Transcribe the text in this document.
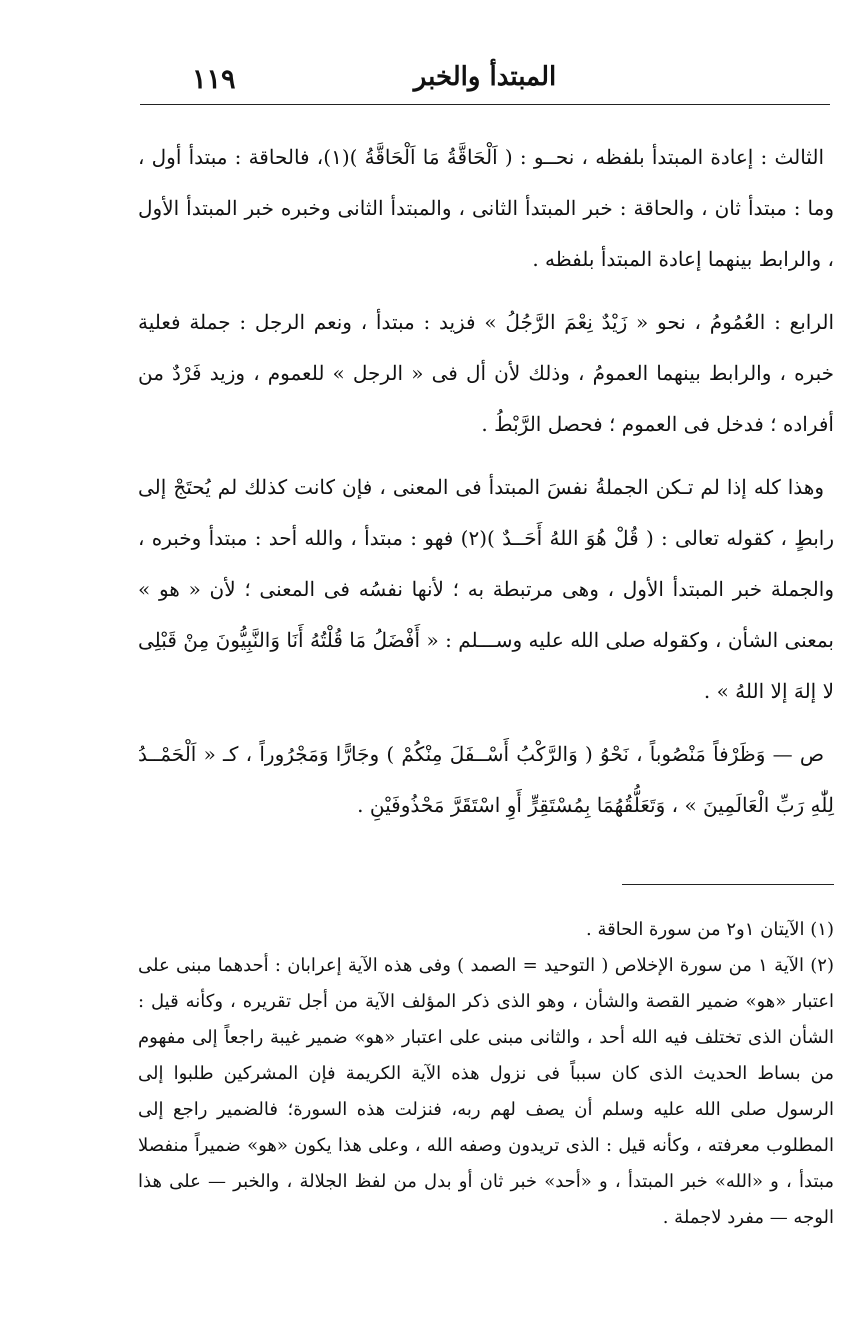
١١٩	المبتدأ والخبر

الثالث : إعادة المبتدأ بلفظه ، نحــو : ( اَلْحَاقَّةُ مَا اَلْحَاقَّةُ )(١)، فالحاقة : مبتدأ أول ، وما : مبتدأ ثان ، والحاقة : خبر المبتدأ الثانى ، والمبتدأ الثانى وخبره خبر المبتدأ الأول ، والرابط بينهما إعادة المبتدأ بلفظه .

الرابع : العُمُومُ ، نحو « زَيْدٌ نِعْمَ الرَّجُلُ » فزيد : مبتدأ ، ونعم الرجل : جملة فعلية خبره ، والرابط بينهما العمومُ ، وذلك لأن أل فى « الرجل » للعموم ، وزيد فَرْدٌ من أفراده ؛ فدخل فى العموم ؛ فحصل الرَّبْطُ .

وهذا كله إذا لم تـكن الجملةُ نفسَ المبتدأ فى المعنى ، فإن كانت كذلك لم يُحتَجْ إلى رابطٍ ، كقوله تعالى : ( قُلْ هُوَ اللهُ أَحَــدٌ )(٢) فهو : مبتدأ ، والله أحد : مبتدأ وخبره ، والجملة خبر المبتدأ الأول ، وهى مرتبطة به ؛ لأنها نفسُه فى المعنى ؛ لأن « هو » بمعنى الشأن ، وكقوله صلى الله عليه وســـلم : « أَفْضَلُ مَا قُلْتُهُ أَنَا وَالنَّبِيُّونَ مِنْ قَبْلِى لا إلهَ إلا اللهُ » .

ص — وَظَرْفاً مَنْصُوباً ، نَحْوُ ( وَالرَّكْبُ أَسْــفَلَ مِنْكُمْ ) وجَارًّا وَمَجْرُوراً ، كـ « اَلْحَمْــدُ لِلّٰهِ رَبِّ الْعَالَمِينَ » ، وَتَعَلُّقُهُمَا بِمُسْتَقِرٍّ أَوِ اسْتَقَرَّ مَحْذُوفَيْنِ .

(١) الآيتان ١و٢ من سورة الحاقة .

(٢) الآية ١ من سورة الإخلاص ( التوحيد = الصمد ) وفى هذه الآية إعرابان : أحدهما مبنى على اعتبار «هو» ضمير القصة والشأن ، وهو الذى ذكر المؤلف الآية من أجل تقريره ، وكأنه قيل : الشأن الذى تختلف فيه الله أحد ، والثانى مبنى على اعتبار «هو» ضمير غيبة راجعاً إلى مفهوم من بساط الحديث الذى كان سبباً فى نزول هذه الآية الكريمة فإن المشركين طلبوا إلى الرسول صلى الله عليه وسلم أن يصف لهم ربه، فنزلت هذه السورة؛ فالضمير راجع إلى المطلوب معرفته ، وكأنه قيل : الذى تريدون وصفه الله ، وعلى هذا يكون «هو» ضميراً منفصلا مبتدأ ، و «الله» خبر المبتدأ ، و «أحد» خبر ثان أو بدل من لفظ الجلالة ، والخبر — على هذا الوجه — مفرد لاجملة .
